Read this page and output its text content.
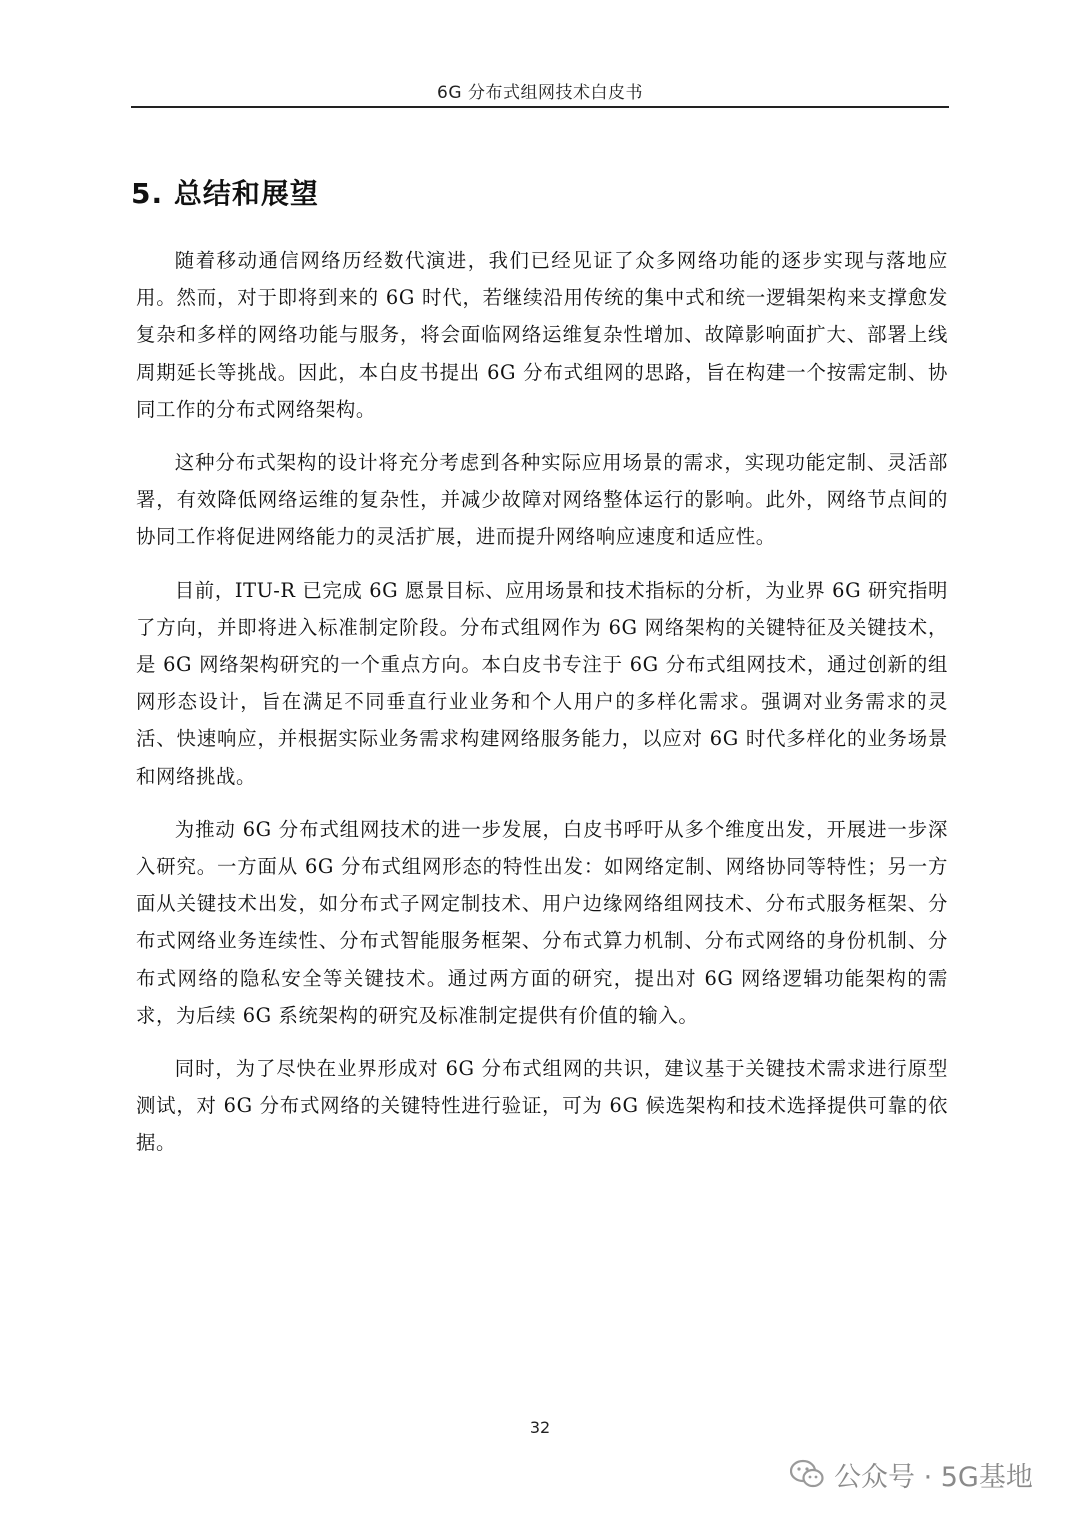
6G 分布式组网技术白皮书
5. 总结和展望

随着移动通信网络历经数代演进，我们已经见证了众多网络功能的逐步实现与落地应用。然而，对于即将到来的 6G 时代，若继续沿用传统的集中式和统一逻辑架构来支撑愈发复杂和多样的网络功能与服务，将会面临网络运维复杂性增加、故障影响面扩大、部署上线周期延长等挑战。因此，本白皮书提出 6G 分布式组网的思路，旨在构建一个按需定制、协同工作的分布式网络架构。

这种分布式架构的设计将充分考虑到各种实际应用场景的需求，实现功能定制、灵活部署，有效降低网络运维的复杂性，并减少故障对网络整体运行的影响。此外，网络节点间的协同工作将促进网络能力的灵活扩展，进而提升网络响应速度和适应性。

目前，ITU-R 已完成 6G 愿景目标、应用场景和技术指标的分析，为业界 6G 研究指明了方向，并即将进入标准制定阶段。分布式组网作为 6G 网络架构的关键特征及关键技术，是 6G 网络架构研究的一个重点方向。本白皮书专注于 6G 分布式组网技术，通过创新的组网形态设计，旨在满足不同垂直行业业务和个人用户的多样化需求。强调对业务需求的灵活、快速响应，并根据实际业务需求构建网络服务能力，以应对 6G 时代多样化的业务场景和网络挑战。

为推动 6G 分布式组网技术的进一步发展，白皮书呼吁从多个维度出发，开展进一步深入研究。一方面从 6G 分布式组网形态的特性出发：如网络定制、网络协同等特性；另一方面从关键技术出发，如分布式子网定制技术、用户边缘网络组网技术、分布式服务框架、分布式网络业务连续性、分布式智能服务框架、分布式算力机制、分布式网络的身份机制、分布式网络的隐私安全等关键技术。通过两方面的研究，提出对 6G 网络逻辑功能架构的需求，为后续 6G 系统架构的研究及标准制定提供有价值的输入。

同时，为了尽快在业界形成对 6G 分布式组网的共识，建议基于关键技术需求进行原型测试，对 6G 分布式网络的关键特性进行验证，可为 6G 候选架构和技术选择提供可靠的依据。

32
公众号 · 5G基地
